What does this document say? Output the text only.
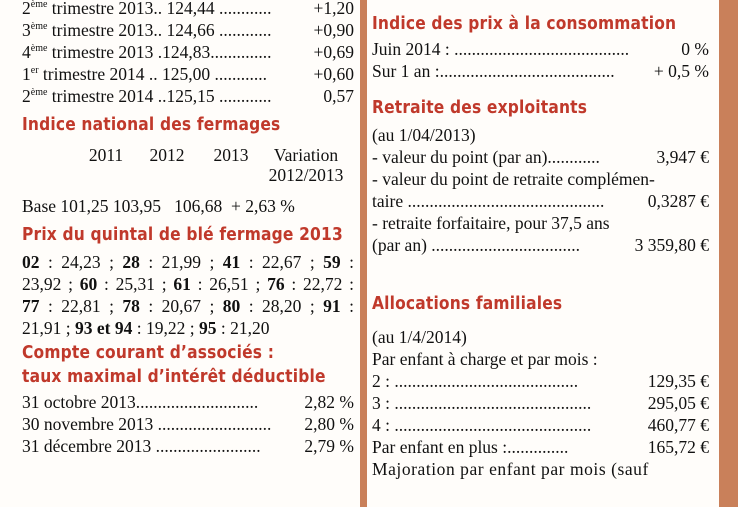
2ème trimestre 2013.. 124,44 ............ +1,20
3ème trimestre 2013.. 124,66 ............ +0,90
4ème trimestre 2013 .124,83.............. +0,69
1er trimestre 2014 .. 125,00 ............	+0,60
2ème trimestre 2014 ..125,15 ............	0,57
Indice national des fermages
2011	2012	2013	Variation 2012/2013
Base 101,25 103,95 106,68 + 2,63 %
Prix du quintal de blé fermage 2013
02 : 24,23 ; 28 : 21,99 ; 41 : 22,67 ; 59 :
23,92 ; 60 : 25,31 ; 61 : 26,51 ; 76 : 22,72 :
77 : 22,81 ; 78 : 20,67 ; 80 : 28,20 ; 91 :
21,91 ; 93 et 94 : 19,22 ; 95 : 21,20
Compte courant d’associés :
taux maximal d’intérêt déductible
31 octobre 2013............................	2,82 %
30 novembre 2013 .......................... 2,80 %
31 décembre 2013 ........................	2,79 %
Indice des prix à la consommation
Juin 2014 : ........................................	0 %
Sur 1 an :........................................ + 0,5 %
Retraite des exploitants
(au 1/04/2013)
- valeur du point (par an)............	3,947 €
- valeur du point de retraite complémen-
taire ............................................. 0,3287 €
- retraite forfaitaire, pour 37,5 ans
(par an) ..................................	3 359,80 €
Allocations familiales
(au 1/4/2014)
Par enfant à charge et par mois :
2 : ..........................................	129,35 €
3 : .............................................	295,05 €
4 : .............................................	460,77 €
Par enfant en plus :..............	165,72 €
Majoration par enfant par mois (sauf
